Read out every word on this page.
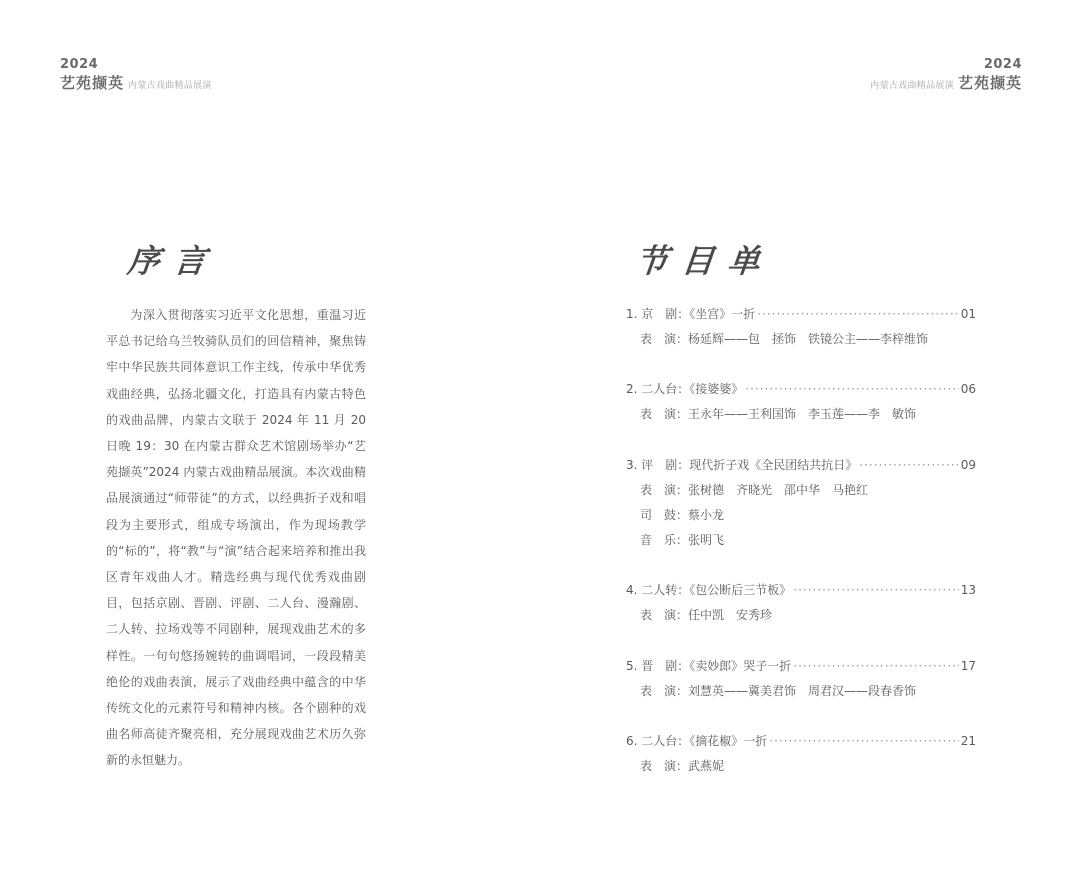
2024
艺苑撷英 内蒙古戏曲精品展演
2024
内蒙古戏曲精品展演 艺苑撷英
序言
为深入贯彻落实习近平文化思想，重温习近平总书记给乌兰牧骑队员们的回信精神，聚焦铸牢中华民族共同体意识工作主线，传承中华优秀戏曲经典，弘扬北疆文化，打造具有内蒙古特色的戏曲品牌，内蒙古文联于 2024 年 11 月 20 日晚 19：30 在内蒙古群众艺术馆剧场举办“艺苑撷英”2024 内蒙古戏曲精品展演。本次戏曲精品展演通过“师带徒”的方式，以经典折子戏和唱段为主要形式，组成专场演出，作为现场教学的“标的”，将“教”与“演”结合起来培养和推出我区青年戏曲人才。精选经典与现代优秀戏曲剧目，包括京剧、晋剧、评剧、二人台、漫瀚剧、二人转、拉场戏等不同剧种，展现戏曲艺术的多样性。一句句悠扬婉转的曲调唱词，一段段精美绝伦的戏曲表演，展示了戏曲经典中蕴含的中华传统文化的元素符号和精神内核。各个剧种的戏曲名师高徒齐聚亮相，充分展现戏曲艺术历久弥新的永恒魅力。
节目单
1. 京　剧：《坐宫》一折 ·····	01
表　演：杨延辉——包　拯饰　铁镜公主——李梓维饰
2. 二人台：《接婆婆》 ·····	06
表　演：王永年——王利国饰　李玉莲——李　敏饰
3. 评　剧：现代折子戏《全民团结共抗日》 ·····	09
表　演：张树德　齐晓光　邵中华　马艳红
司　鼓：蔡小龙
音　乐：张明飞
4. 二人转：《包公断后三节板》 ·····	13
表　演：任中凯　安秀珍
5. 晋　剧：《卖妙郎》哭子一折 ·····	17
表　演：刘慧英——冀美君饰　周君汉——段春香饰
6. 二人台：《摘花椒》一折 ·····	21
表　演：武燕妮
